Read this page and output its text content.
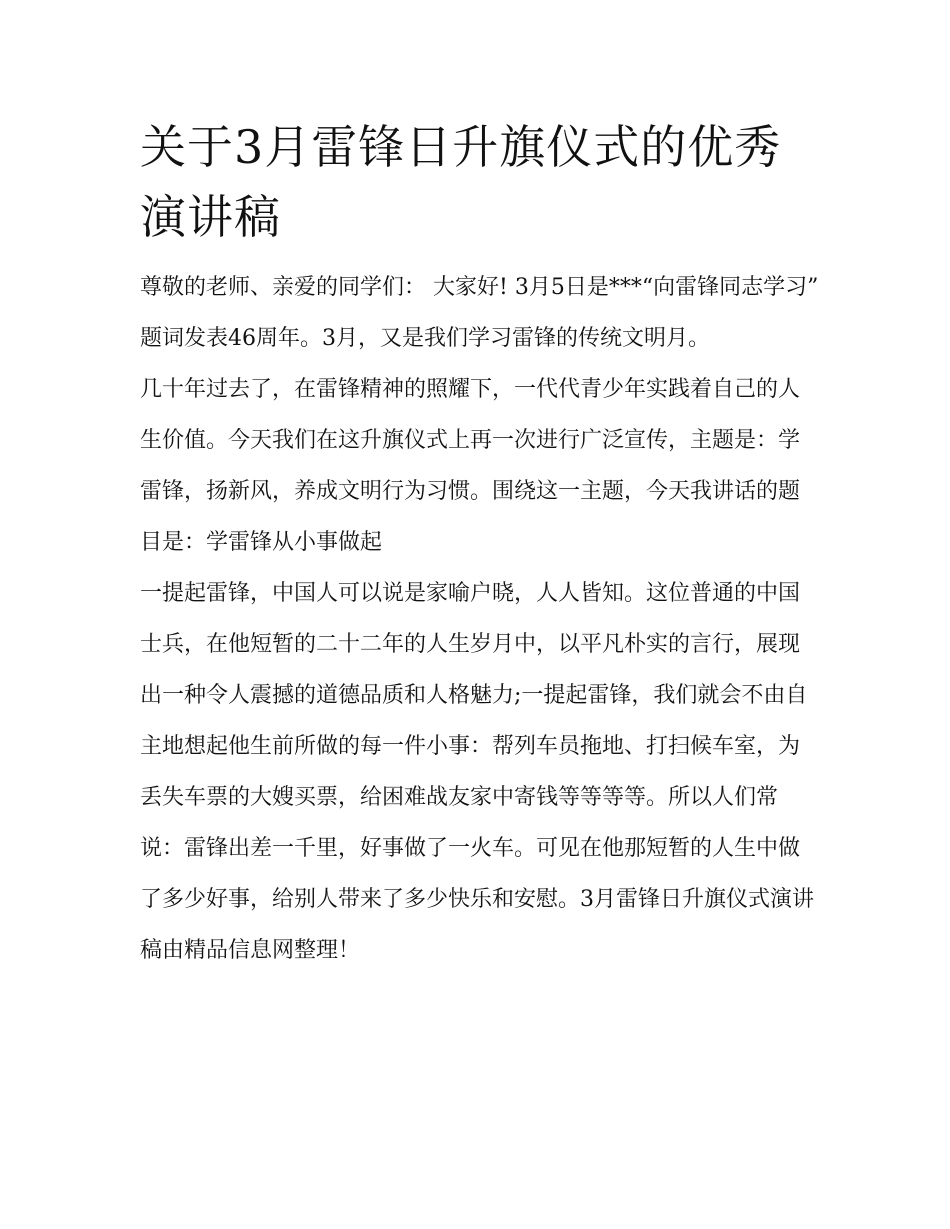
关于3月雷锋日升旗仪式的优秀演讲稿

尊敬的老师、亲爱的同学们： 大家好! 3月5日是***“向雷锋同志学习”

题词发表46周年。3月，又是我们学习雷锋的传统文明月。

几十年过去了，在雷锋精神的照耀下，一代代青少年实践着自己的人生价值。今天我们在这升旗仪式上再一次进行广泛宣传，主题是：学雷锋，扬新风，养成文明行为习惯。围绕这一主题，今天我讲话的题目是：学雷锋从小事做起

一提起雷锋，中国人可以说是家喻户晓，人人皆知。这位普通的中国士兵，在他短暂的二十二年的人生岁月中，以平凡朴实的言行，展现出一种令人震撼的道德品质和人格魅力;一提起雷锋，我们就会不由自主地想起他生前所做的每一件小事：帮列车员拖地、打扫候车室，为丢失车票的大嫂买票，给困难战友家中寄钱等等等等。所以人们常说：雷锋出差一千里，好事做了一火车。可见在他那短暂的人生中做了多少好事，给别人带来了多少快乐和安慰。3月雷锋日升旗仪式演讲稿由精品信息网整理！
